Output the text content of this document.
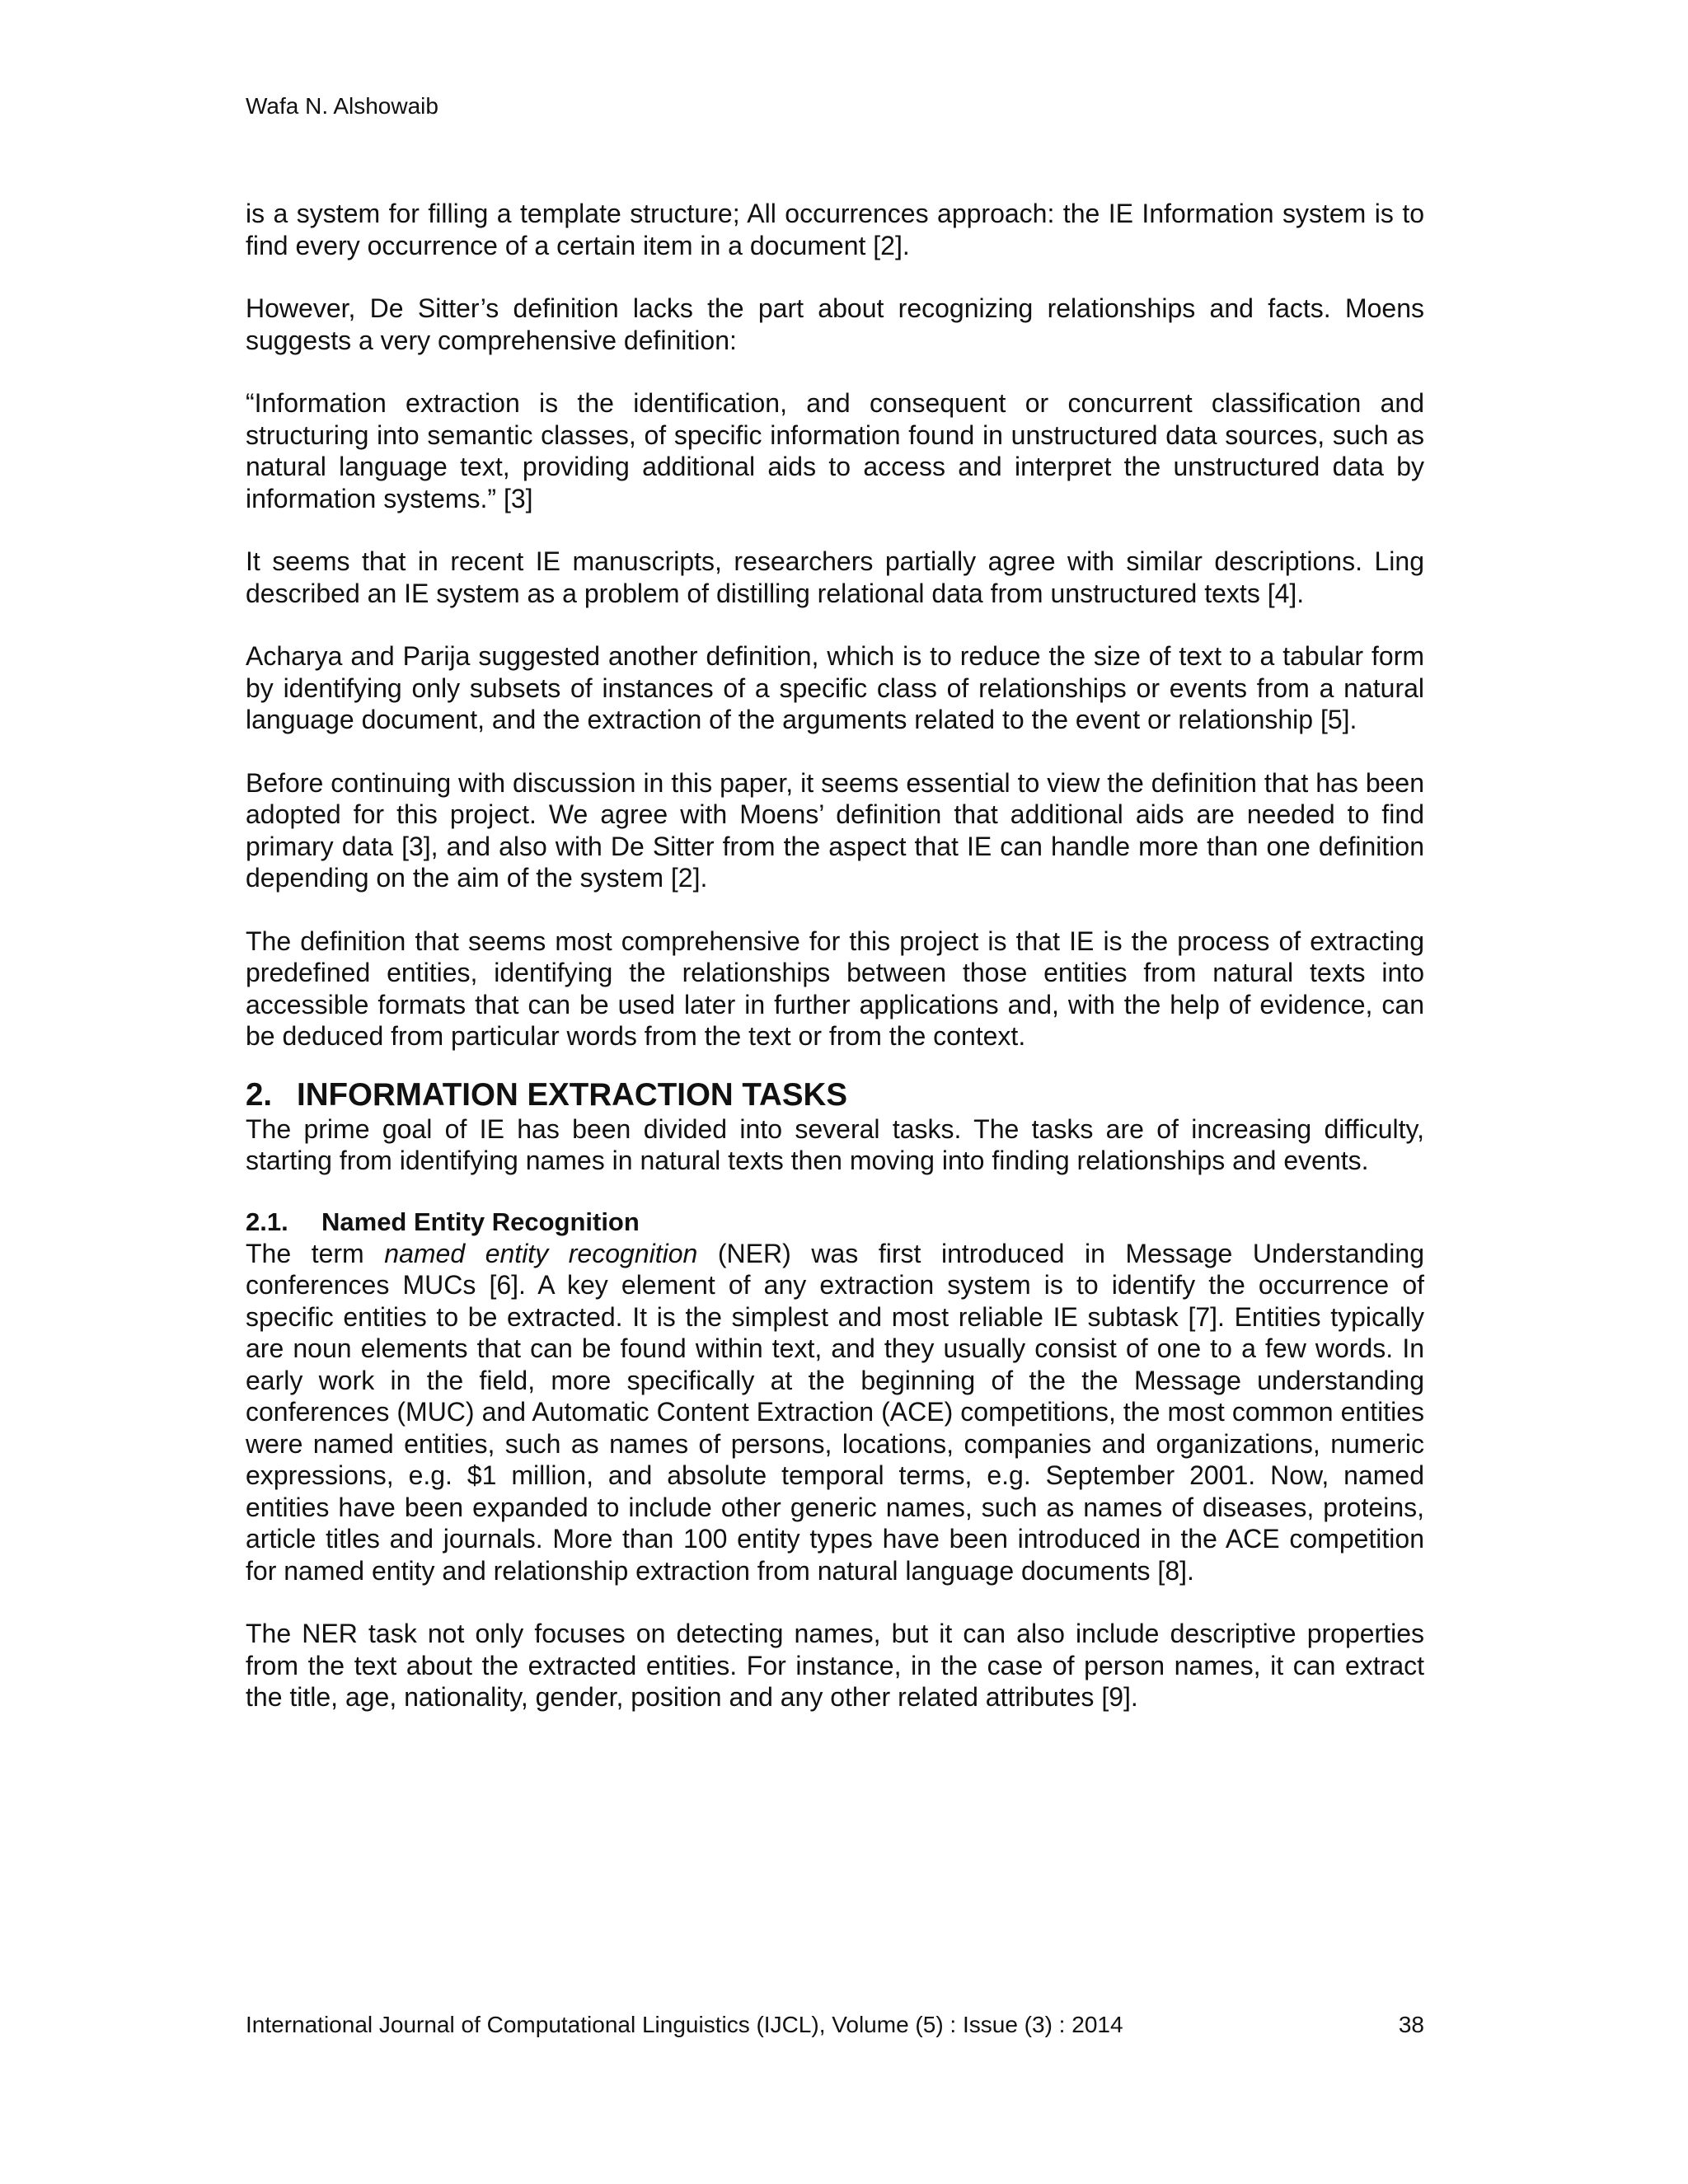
Wafa N. Alshowaib

is a system for filling a template structure; All occurrences approach: the IE Information system is to find every occurrence of a certain item in a document [2].

However, De Sitter’s definition lacks the part about recognizing relationships and facts. Moens suggests a very comprehensive definition:

“Information extraction is the identification, and consequent or concurrent classification and structuring into semantic classes, of specific information found in unstructured data sources, such as natural language text, providing additional aids to access and interpret the unstructured data by information systems.” [3]

It seems that in recent IE manuscripts, researchers partially agree with similar descriptions. Ling described an IE system as a problem of distilling relational data from unstructured texts [4].

Acharya and Parija suggested another definition, which is to reduce the size of text to a tabular form by identifying only subsets of instances of a specific class of relationships or events from a natural language document, and the extraction of the arguments related to the event or relationship [5].

Before continuing with discussion in this paper, it seems essential to view the definition that has been adopted for this project. We agree with Moens’ definition that additional aids are needed to find primary data [3], and also with De Sitter from the aspect that IE can handle more than one definition depending on the aim of the system [2].

The definition that seems most comprehensive for this project is that IE is the process of extracting predefined entities, identifying the relationships between those entities from natural texts into accessible formats that can be used later in further applications and, with the help of evidence, can be deduced from particular words from the text or from the context.

2. INFORMATION EXTRACTION TASKS

The prime goal of IE has been divided into several tasks. The tasks are of increasing difficulty, starting from identifying names in natural texts then moving into finding relationships and events.

2.1.	Named Entity Recognition

The term named entity recognition (NER) was first introduced in Message Understanding conferences MUCs [6]. A key element of any extraction system is to identify the occurrence of specific entities to be extracted. It is the simplest and most reliable IE subtask [7]. Entities typically are noun elements that can be found within text, and they usually consist of one to a few words. In early work in the field, more specifically at the beginning of the the Message understanding conferences (MUC) and Automatic Content Extraction (ACE) competitions, the most common entities were named entities, such as names of persons, locations, companies and organizations, numeric expressions, e.g. $1 million, and absolute temporal terms, e.g. September 2001. Now, named entities have been expanded to include other generic names, such as names of diseases, proteins, article titles and journals. More than 100 entity types have been introduced in the ACE competition for named entity and relationship extraction from natural language documents [8].

The NER task not only focuses on detecting names, but it can also include descriptive properties from the text about the extracted entities. For instance, in the case of person names, it can extract the title, age, nationality, gender, position and any other related attributes [9].

International Journal of Computational Linguistics (IJCL), Volume (5) : Issue (3) : 2014	38
